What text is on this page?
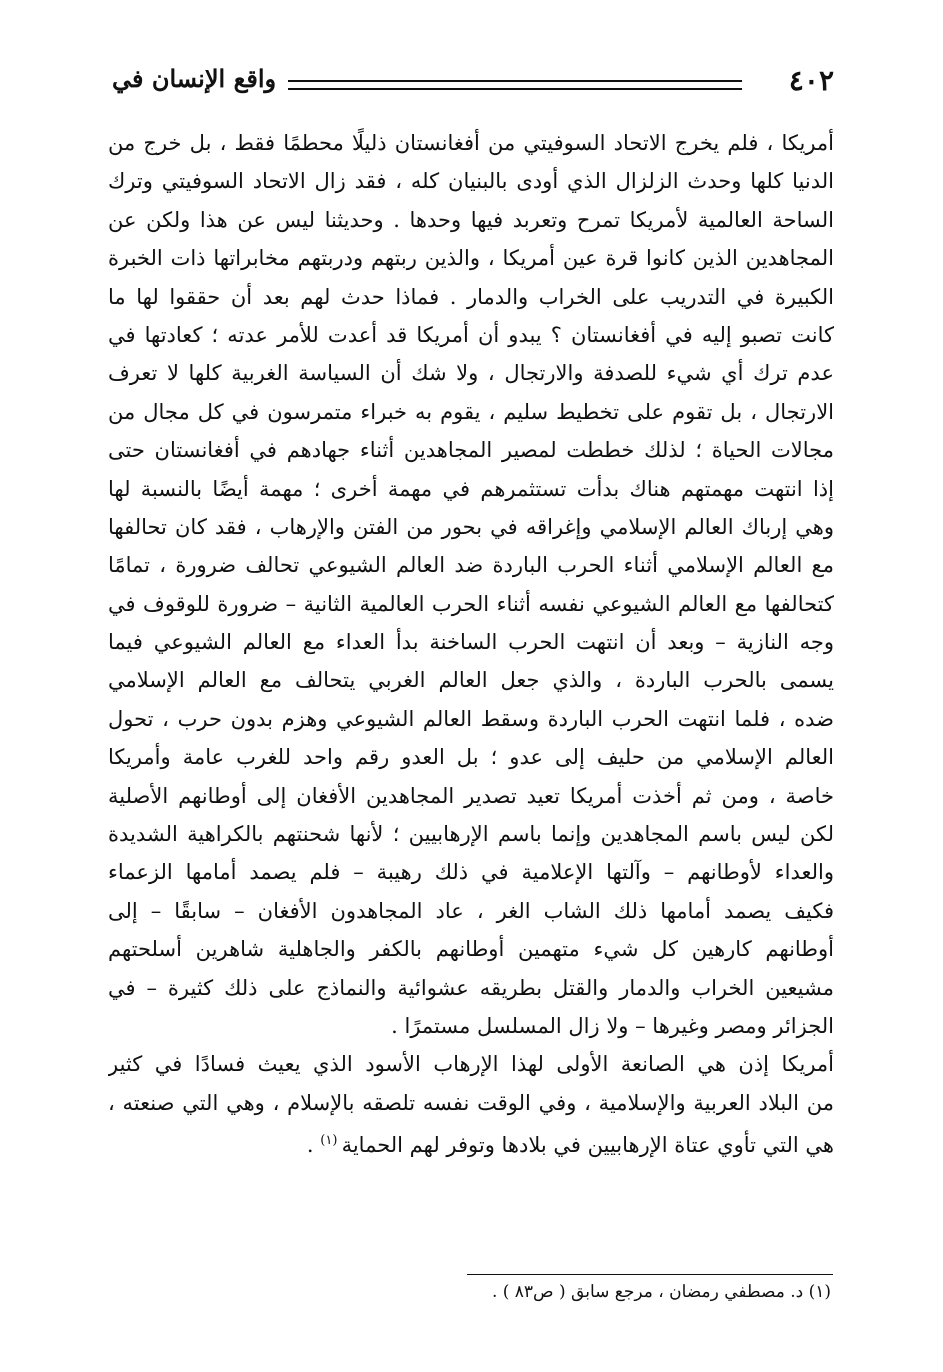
٤٠٢
واقع الإنسان في

أمريكا ، فلم يخرج الاتحاد السوفيتي من أفغانستان ذليلًا محطمًا فقط ، بل خرج من
الدنيا كلها وحدث الزلزال الذي أودى بالبنيان كله ، فقد زال الاتحاد السوفيتي وترك
الساحة العالمية لأمريكا تمرح وتعربد فيها وحدها . وحديثنا ليس عن هذا ولكن عن
المجاهدين الذين كانوا قرة عين أمريكا ، والذين ربتهم ودربتهم مخابراتها ذات الخبرة
الكبيرة في التدريب على الخراب والدمار . فماذا حدث لهم بعد أن حققوا لها ما
كانت تصبو إليه في أفغانستان ؟ يبدو أن أمريكا قد أعدت للأمر عدته ؛ كعادتها في
عدم ترك أي شيء للصدفة والارتجال ، ولا شك أن السياسة الغربية كلها لا تعرف
الارتجال ، بل تقوم على تخطيط سليم ، يقوم به خبراء متمرسون في كل مجال من
مجالات الحياة ؛ لذلك خططت لمصير المجاهدين أثناء جهادهم في أفغانستان حتى
إذا انتهت مهمتهم هناك بدأت تستثمرهم في مهمة أخرى ؛ مهمة أيضًا بالنسبة لها
وهي إرباك العالم الإسلامي وإغراقه في بحور من الفتن والإرهاب ، فقد كان تحالفها
مع العالم الإسلامي أثناء الحرب الباردة ضد العالم الشيوعي تحالف ضرورة ، تمامًا
كتحالفها مع العالم الشيوعي نفسه أثناء الحرب العالمية الثانية – ضرورة للوقوف في
وجه النازية – وبعد أن انتهت الحرب الساخنة بدأ العداء مع العالم الشيوعي فيما
يسمى بالحرب الباردة ، والذي جعل العالم الغربي يتحالف مع العالم الإسلامي
ضده ، فلما انتهت الحرب الباردة وسقط العالم الشيوعي وهزم بدون حرب ، تحول
العالم الإسلامي من حليف إلى عدو ؛ بل العدو رقم واحد للغرب عامة وأمريكا
خاصة ، ومن ثم أخذت أمريكا تعيد تصدير المجاهدين الأفغان إلى أوطانهم الأصلية
لكن ليس باسم المجاهدين وإنما باسم الإرهابيين ؛ لأنها شحنتهم بالكراهية الشديدة
والعداء لأوطانهم – وآلتها الإعلامية في ذلك رهيبة – فلم يصمد أمامها الزعماء
فكيف يصمد أمامها ذلك الشاب الغر ، عاد المجاهدون الأفغان – سابقًا – إلى
أوطانهم كارهين كل شيء متهمين أوطانهم بالكفر والجاهلية شاهرين أسلحتهم
مشيعين الخراب والدمار والقتل بطريقه عشوائية والنماذج على ذلك كثيرة – في
الجزائر ومصر وغيرها – ولا زال المسلسل مستمرًا .

أمريكا إذن هي الصانعة الأولى لهذا الإرهاب الأسود الذي يعيث فسادًا في كثير
من البلاد العربية والإسلامية ، وفي الوقت نفسه تلصقه بالإسلام ، وهي التي صنعته ،
هي التي تأوي عتاة الإرهابيين في بلادها وتوفر لهم الحماية $^{(١)}$ .

(١) د. مصطفي رمضان ، مرجع سابق ( ص٨٣ ) .
